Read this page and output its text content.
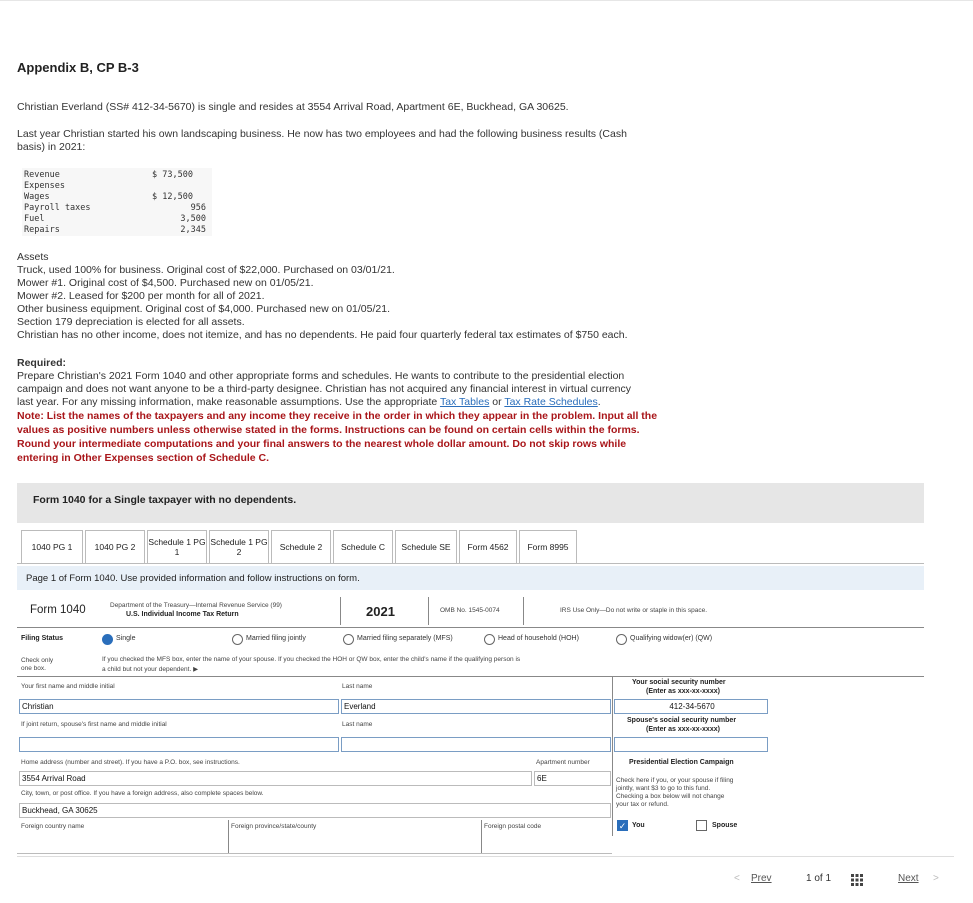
Appendix B, CP B-3
Christian Everland (SS# 412-34-5670) is single and resides at 3554 Arrival Road, Apartment 6E, Buckhead, GA 30625.
Last year Christian started his own landscaping business. He now has two employees and had the following business results (Cash
basis) in 2021:
Revenue	$ 73,500
Expenses
Wages	$ 12,500
Payroll taxes	956
Fuel	3,500
Repairs	2,345
Assets
Truck, used 100% for business. Original cost of $22,000. Purchased on 03/01/21.
Mower #1. Original cost of $4,500. Purchased new on 01/05/21.
Mower #2. Leased for $200 per month for all of 2021.
Other business equipment. Original cost of $4,000. Purchased new on 01/05/21.
Section 179 depreciation is elected for all assets.
Christian has no other income, does not itemize, and has no dependents. He paid four quarterly federal tax estimates of $750 each.
Required:
Prepare Christian's 2021 Form 1040 and other appropriate forms and schedules. He wants to contribute to the presidential election
campaign and does not want anyone to be a third-party designee. Christian has not acquired any financial interest in virtual currency
last year. For any missing information, make reasonable assumptions. Use the appropriate Tax Tables or Tax Rate Schedules.
Note: List the names of the taxpayers and any income they receive in the order in which they appear in the problem. Input all the
values as positive numbers unless otherwise stated in the forms. Instructions can be found on certain cells within the forms.
Round your intermediate computations and your final answers to the nearest whole dollar amount. Do not skip rows while
entering in Other Expenses section of Schedule C.
Form 1040 for a Single taxpayer with no dependents.
1040 PG 1	1040 PG 2 Schedule 1 PG 1
Schedule 1 PG 2	Schedule 2 Schedule C Schedule SE Form 4562 Form 8995
Page 1 of Form 1040. Use provided information and follow instructions on form.
Form 1040	Department of the Treasury—Internal Revenue Service (99)
U.S. Individual Income Tax Return	2021	OMB No. 1545-0074	IRS Use Only—Do not write or staple in this space.
Filing Status	Single	Married filing jointly	Married filing separately (MFS)	Head of household (HOH)	Qualifying widow(er) (QW)
Check only
one box.
If you checked the MFS box, enter the name of your spouse. If you checked the HOH or QW box, enter the child's name if the qualifying person is
a child but not your dependent. ▶
Your first name and middle initial	Last name
Your social security number
(Enter as xxx-xx-xxxx)
Christian	Everland	412-34-5670
If joint return, spouse's first name and middle initial	Last name
Spouse's social security number
(Enter as xxx-xx-xxxx)
Home address (number and street). If you have a P.O. box, see instructions.	Apartment number
3554 Arrival Road	6E
Presidential Election Campaign
Check here if you, or your spouse if filing
jointly, want $3 to go to this fund.
Checking a box below will not change
your tax or refund.
City, town, or post office. If you have a foreign address, also complete spaces below.
Buckhead, GA 30625
Foreign country name	Foreign province/state/county	Foreign postal code	✓ You	Spouse
< Prev	1 of 1	Next >
